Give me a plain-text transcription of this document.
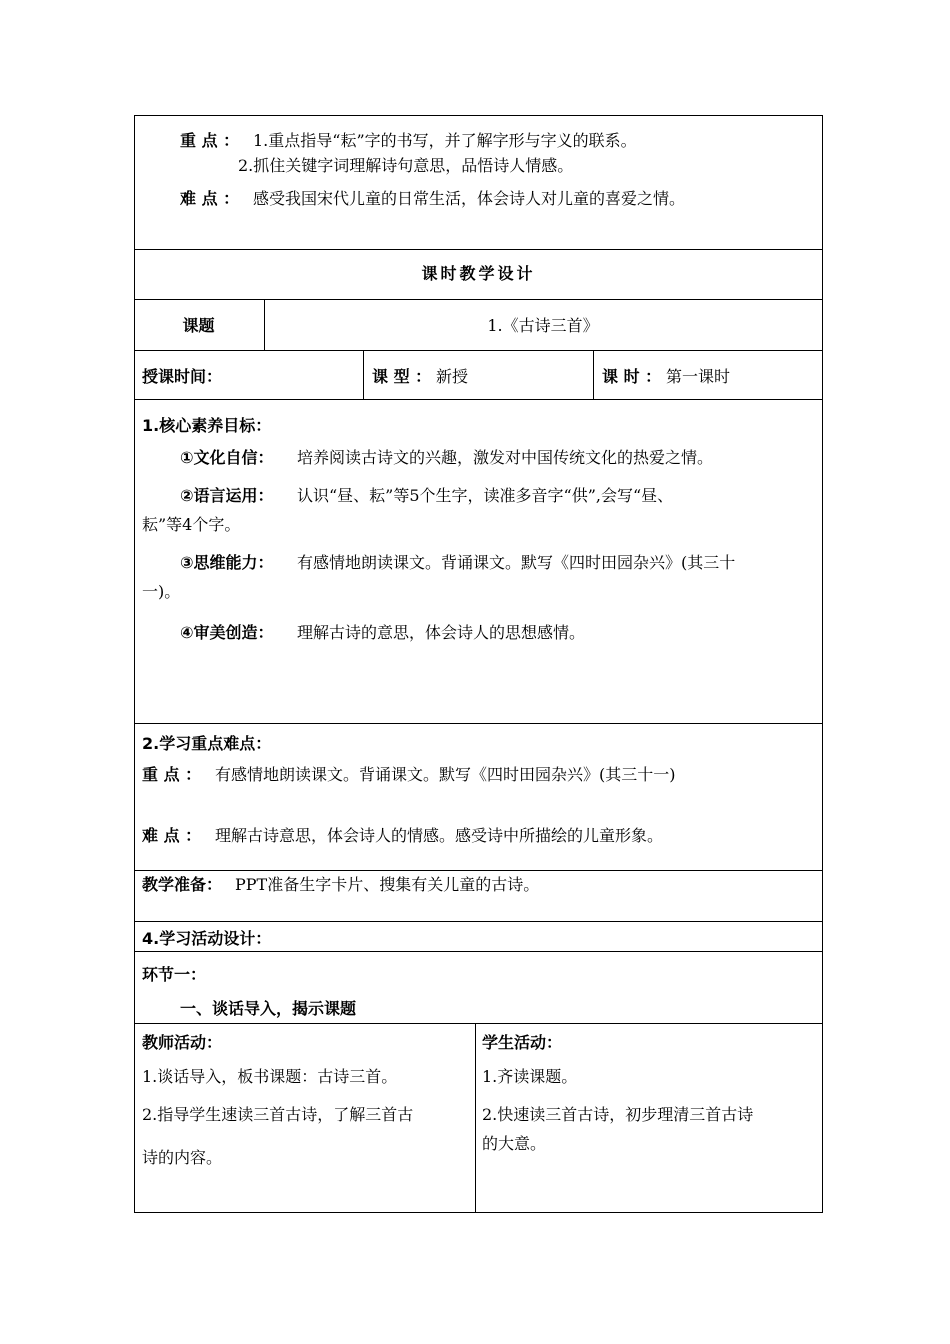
重 点 ： 1.重点指导“耘”字的书写，并了解字形与字义的联系。
2.抓住关键字词理解诗句意思，品悟诗人情感。
难 点 ： 感受我国宋代儿童的日常生活，体会诗人对儿童的喜爱之情。
课时教学设计
课题	1.《古诗三首》
授课时间：	课 型 ： 新授	课 时 ： 第一课时
1.核心素养目标：
①文化自信： 培养阅读古诗文的兴趣，激发对中国传统文化的热爱之情。
②语言运用： 认识“昼、耘”等5个生字，读准多音字“供”,会写“昼、
耘”等4个字。
③思维能力： 有感情地朗读课文。背诵课文。默写《四时田园杂兴》(其三十
一)。
④审美创造： 理解古诗的意思，体会诗人的思想感情。
2.学习重点难点：
重 点 ： 有感情地朗读课文。背诵课文。默写《四时田园杂兴》(其三十一)
难 点 ： 理解古诗意思，体会诗人的情感。感受诗中所描绘的儿童形象。
教学准备： PPT准备生字卡片、搜集有关儿童的古诗。
4.学习活动设计：
环节一：
一、谈话导入，揭示课题
教师活动：
1.谈话导入，板书课题：古诗三首。
2.指导学生速读三首古诗，了解三首古
诗的内容。
学生活动：
1.齐读课题。
2.快速读三首古诗，初步理清三首古诗
的大意。
